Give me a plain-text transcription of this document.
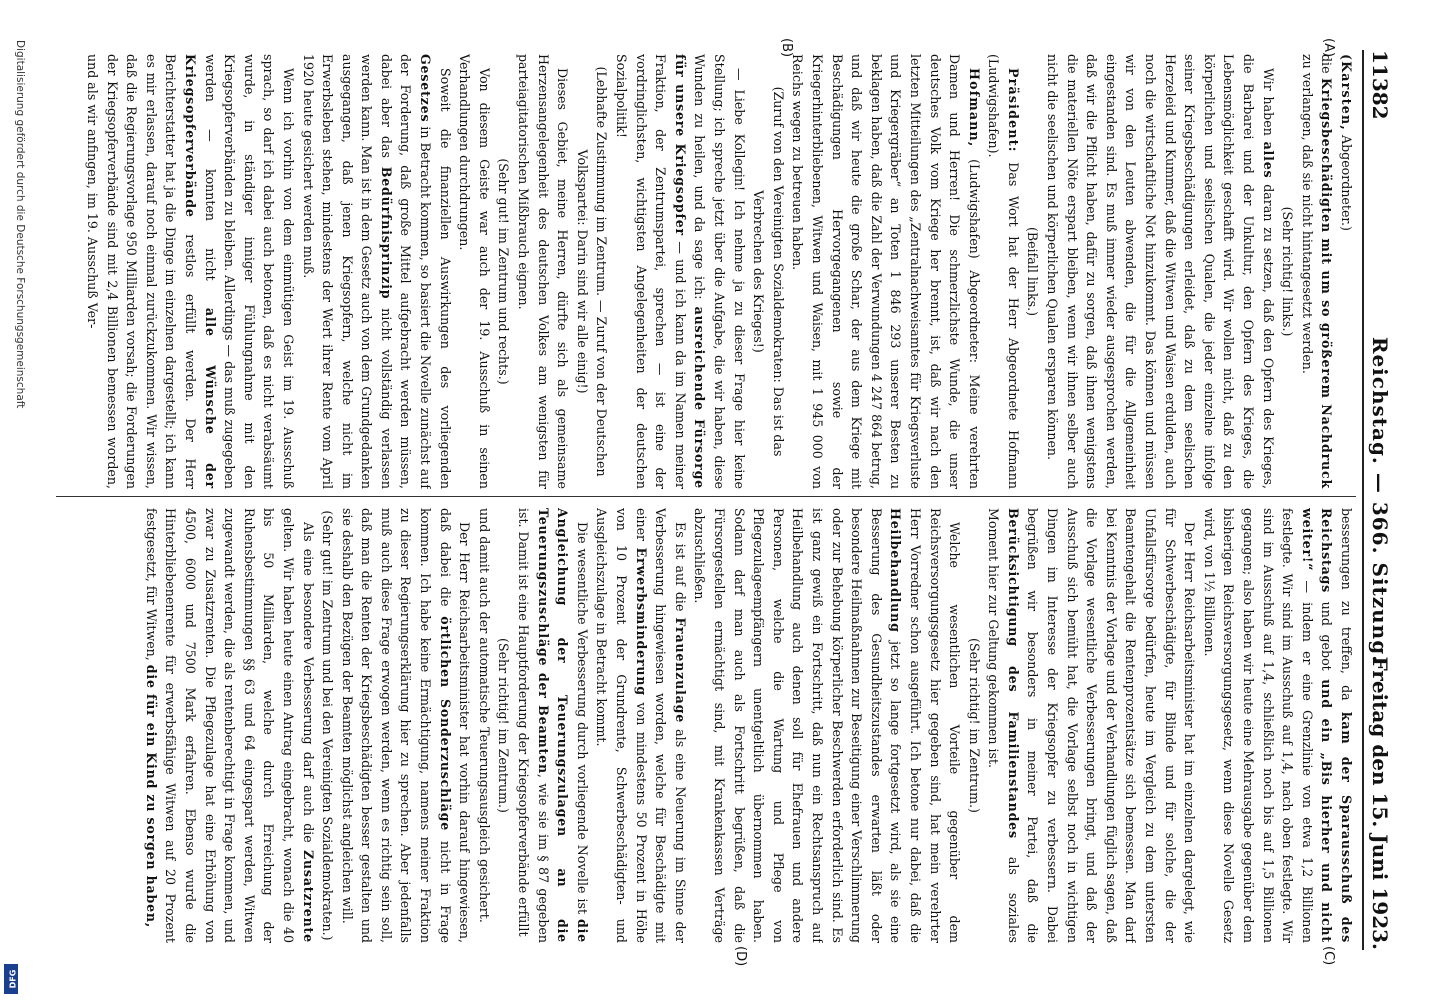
11382
Reichstag. — 366. Sitzung.
Freitag den 15. Juni 1923.
(A)
(B)
(C)
(D)

(Karsten, Abgeordneter.)

die Kriegsbeschädigten mit um so größerem Nachdruck zu verlangen, daß sie nicht hintangesetzt werden.

(Sehr richtig! links.)

Wir haben alles daran zu setzen, daß den Opfern des Krieges, die Barbarei und der Unkultur, den Opfern des Krieges, die Lebensmöglichkeit geschafft wird. Wir wollen nicht, daß zu den körperlichen und seelischen Qualen, die jeder einzelne infolge seiner Kriegsbeschädigungen erleidet, daß zu dem seelischen Herzeleid und Kummer, daß die Witwen und Waisen erdulden, auch noch die wirtschaftliche Not hinzukommt. Das können und müssen wir von den Leuten abwenden, die für die Allgemeinheit eingestanden sind. Es muß immer wieder ausgesprochen werden, daß wir die Pflicht haben, dafür zu sorgen, daß ihnen wenigstens die materiellen Nöte erspart bleiben, wenn wir ihnen selber auch nicht die seelischen und körperlichen Qualen ersparen können.

(Beifall links.)

Präsident: Das Wort hat der Herr Abgeordnete Hofmann (Ludwigshafen).

Hofmann, (Ludwigshafen) Abgeordneter: Meine verehrten Damen und Herren! Die schmerzlichste Wunde, die unser deutsches Volk vom Kriege her brennt, ist, daß wir nach den letzten Mitteilungen des „Zentralnachweisamtes für Kriegsverluste und Kriegergräber“ an Toten 1 846 293 unserer Besten zu beklagen haben, daß die Zahl der Verwundungen 4 247 864 betrug, und daß wir heute die große Schar, der aus dem Kriege mit Beschädigungen Hervorgegangenen sowie der Kriegerhinterbliebenen, Witwen und Waisen, mit 1 945 000 von Reichs wegen zu betreuen haben.

(Zuruf von den Vereinigten Sozialdemokraten: Das ist das Verbrechen des Krieges!)

— Liebe Kollegin! Ich nehme ja zu dieser Frage hier keine Stellung; ich spreche jetzt über die Aufgabe, die wir haben, diese Wunden zu heilen, und da sage ich: ausreichende Fürsorge für unsere Kriegsopfer — und ich kann da im Namen meiner Fraktion, der Zentrumspartei, sprechen — ist eine der vordringlichsten, wichtigsten Angelegenheiten der deutschen Sozialpolitik!

(Lebhafte Zustimmung im Zentrum. — Zuruf von der Deutschen Volkspartei: Darin sind wir alle einig!)

Dieses Gebiet, meine Herren, dürfte sich als gemeinsame Herzensangelegenheit des deutschen Volkes am wenigsten für parteiagitatorischen Mißbrauch eignen.

(Sehr gut! im Zentrum und rechts.)

Von diesem Geiste war auch der 19. Ausschuß in seinen Verhandlungen durchdrungen.

Soweit die finanziellen Auswirkungen des vorliegenden Gesetzes in Betracht kommen, so basiert die Novelle zunächst auf der Forderung, daß große Mittel aufgebracht werden müssen, dabei aber das Bedürfnisprinzip nicht vollständig verlassen werden kann. Man ist in dem Gesetz auch von dem Grundgedanken ausgegangen, daß jenen Kriegsopfern, welche nicht im Erwerbsleben stehen, mindestens der Wert ihrer Rente vom April 1920 heute gesichert werden muß.

Wenn ich vorhin von dem einmütigen Geist im 19. Ausschuß sprach, so darf ich dabei auch betonen, daß es nicht verabsäumt wurde, in ständiger inniger Fühlungnahme mit den Kriegsopferverbänden zu bleiben. Allerdings — das muß zugegeben werden — konnten nicht alle Wünsche der Kriegsopferverbände restlos erfüllt werden. Der Herr Berichterstatter hat ja die Dinge im einzelnen dargestellt; ich kann es mir erlassen, darauf noch einmal zurückzukommen. Wir wissen, daß die Regierungsvorlage 950 Milliarden vorsah; die Forderungen der Kriegsopferverbände sind mit 2,4 Billionen bemessen worden, und als wir anfingen, im 19. Ausschuß Ver-

besserungen zu treffen, da kam der Sparausschuß des Reichstags und gebot und ein „Bis hierher und nicht weiter!“ — indem er eine Grenzlinie von etwa 1,2 Billionen festlegte. Wir sind im Ausschuß auf 1,4, nach oben festlegte. Wir sind im Ausschuß auf 1,4, schließlich noch bis auf 1,5 Billionen gegangen; also haben wir heute eine Mehrausgabe gegenüber dem bisherigen Reichsversorgungsgesetz, wenn diese Novelle Gesetz wird, von 1½ Billionen.

Der Herr Reichsarbeitsminister hat im einzelnen dargelegt, wie für Schwerbeschädigte, für Blinde und für solche, die der Unfallsfürsorge bedürfen, heute im Vergleich zu dem untersten Beamtengehalt die Rentenprozentsätze sich bemessen. Man darf bei Kenntnis der Vorlage und der Verhandlungen füglich sagen, daß die Vorlage wesentliche Verbesserungen bringt, und daß der Ausschuß sich bemüht hat, die Vorlage selbst noch in wichtigen Dingen im Interesse der Kriegsopfer zu verbessern. Dabei begrüßen wir besonders in meiner Partei, daß die Berücksichtigung des Familienstandes als soziales Moment hier zur Geltung gekommen ist.

(Sehr richtig! im Zentrum.)

Welche wesentlichen Vorteile gegenüber dem Reichsversorgungsgesetz hier gegeben sind, hat mein verehrter Herr Vorredner schon ausgeführt. Ich betone nur dabei, daß die Heilbehandlung jetzt so lange fortgesetzt wird, als sie eine Besserung des Gesundheitszustandes erwarten läßt oder besondere Heilmaßnahmen zur Beseitigung einer Verschlimmerung oder zur Behebung körperlicher Beschwerden erforderlich sind. Es ist ganz gewiß ein Fortschritt, daß nun ein Rechtsanspruch auf Heilbehandlung auch denen soll für Ehefrauen und andere Personen, welche die Wartung und Pflege von Pflegezulageempfängern unentgeltlich übernommen haben. Sodann darf man auch als Fortschritt begrüßen, daß die Fürsorgestellen ermächtigt sind, mit Krankenkassen Verträge abzuschließen.

Es ist auf die Frauenzulage als eine Neuerung im Sinne der Verbesserung hingewiesen worden, welche für Beschädigte mit einer Erwerbsminderung von mindestens 50 Prozent in Höhe von 10 Prozent der Grundrente, Schwerbeschädigten- und Ausgleichszulage in Betracht kommt.

Die wesentliche Verbesserung durch vorliegende Novelle ist die Angleichung der Teuerungszulagen an die Teuerungszuschläge der Beamten, wie sie im § 87 gegeben ist. Damit ist eine Hauptforderung der Kriegsopferverbände erfüllt

(Sehr richtig! im Zentrum.)

und damit auch der automatische Teuerungsausgleich gesichert.

Der Herr Reichsarbeitsminister hat vorhin darauf hingewiesen, daß dabei die örtlichen Sonderzuschläge nicht in Frage kommen. Ich habe keine Ermächtigung, namens meiner Fraktion zu dieser Regierungserklärung hier zu sprechen. Aber jedenfalls muß auch diese Frage erwogen werden, wenn es richtig sein soll, daß man die Renten der Kriegsbeschädigten besser gestalten und sie deshalb den Bezügen der Beamten möglichst angleichen will.

(Sehr gut! im Zentrum und bei den Vereinigten Sozialdemokraten.)

Als eine besondere Verbesserung darf auch die Zusatzrente gelten. Wir haben heute einen Antrag eingebracht, wonach die 40 bis 50 Milliarden, welche durch Erreichung der Ruhensbestimmungen §§ 63 und 64 eingespart werden, Witwen zugewandt werden, die als rentenberechtigt in Frage kommen, und zwar zu Zusatzrenten. Die Pflegezulage hat eine Erhöhung von 4500, 6000 und 7500 Mark erfahren. Ebenso wurde die Hinterbliebenenrente für erwerbsfähige Witwen auf 20 Prozent festgesetzt, für Witwen, die für ein Kind zu sorgen haben,

Digitalisierung gefördert durch die Deutsche Forschungsgemeinschaft
DFG
